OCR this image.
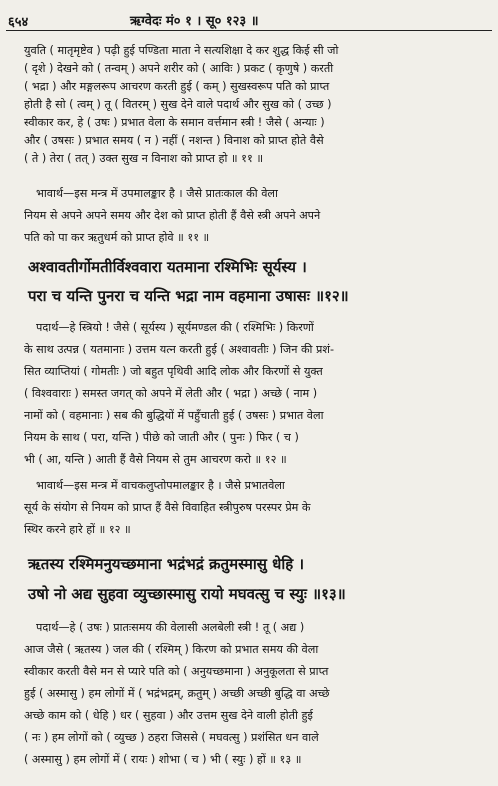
६५४	ऋग्वेदः मं० १ । सू० १२३ ॥
युवति ( मातृमृष्टेव ) पढ़ी हुई पण्डिता माता ने सत्यशिक्षा दे कर शुद्ध किई सी जो
( दृशे ) देखने को ( तन्वम् ) अपने शरीर को ( आविः ) प्रकट ( कृणुषे ) करती
( भद्रा ) और मङ्गलरूप आचरण करती हुई ( कम् ) सुखस्वरूप पति को प्राप्त
होती है सो ( त्वम् ) तू ( वितरम् ) सुख देने वाले पदार्थ और सुख को ( उच्छ )
स्वीकार कर, हे ( उषः ) प्रभात वेला के समान वर्त्तमान स्त्री ! जैसे ( अन्याः )
और ( उषसः ) प्रभात समय ( न ) नहीं ( नशन्त ) विनाश को प्राप्त होते वैसे
( ते ) तेरा ( तत् ) उक्त सुख न विनाश को प्राप्त हो ॥ ११ ॥
भावार्थ—इस मन्त्र में उपमालङ्कार है । जैसे प्रातःकाल की वेला
नियम से अपने अपने समय और देश को प्राप्त होती हैं वैसे स्त्री अपने अपने
पति को पा कर ऋतुधर्म को प्राप्त होवे ॥ ११ ॥
अश्वावतीर्गोमतीर्विश्ववारा यतमाना रश्मिभिः सूर्यस्य ।
परा च यन्ति पुनरा च यन्ति भद्रा नाम वहमाना उषासः ॥१२॥
पदार्थ—हे स्त्रियो ! जैसे ( सूर्यस्य ) सूर्यमण्डल की ( रश्मिभिः ) किरणों
के साथ उत्पन्न ( यतमानाः ) उत्तम यत्न करती हुई ( अश्वावतीः ) जिन की प्रशं-
सित व्याप्तियां ( गोमतीः ) जो बहुत पृथिवी आदि लोक और किरणों से युक्त
( विश्ववाराः ) समस्त जगत् को अपने में लेती और ( भद्रा ) अच्छे ( नाम )
नामों को ( वहमानाः ) सब की बुद्धियों में पहुँचाती हुई ( उषसः ) प्रभात वेला
नियम के साथ ( परा, यन्ति ) पीछे को जाती और ( पुनः ) फिर ( च )
भी ( आ, यन्ति ) आती हैं वैसे नियम से तुम आचरण करो ॥ १२ ॥
भावार्थ—इस मन्त्र में वाचकलुप्तोपमालङ्कार है । जैसे प्रभातवेला
सूर्य के संयोग से नियम को प्राप्त हैं वैसे विवाहित स्त्रीपुरुष परस्पर प्रेम के
स्थिर करने हारे हों ॥ १२ ॥
ऋतस्य रश्मिमनुयच्छमाना भद्रंभद्रं क्रतुमस्मासु धेहि ।
उषो नो अद्य सुहवा व्युच्छास्मासु रायो मघवत्सु च स्युः ॥१३॥
पदार्थ—हे ( उषः ) प्रातःसमय की वेलासी अलबेली स्त्री ! तू ( अद्य )
आज जैसे ( ऋतस्य ) जल की ( रश्मिम् ) किरण को प्रभात समय की वेला
स्वीकार करती वैसे मन से प्यारे पति को ( अनुयच्छमाना ) अनुकूलता से प्राप्त
हुई ( अस्मासु ) हम लोगों में ( भद्रंभद्रम्, क्रतुम् ) अच्छी अच्छी बुद्धि वा अच्छे
अच्छे काम को ( धेहि ) धर ( सुहवा ) और उत्तम सुख देने वाली होती हुई
( नः ) हम लोगों को ( व्युच्छ ) ठहरा जिससे ( मघवत्सु ) प्रशंसित धन वाले
( अस्मासु ) हम लोगों में ( रायः ) शोभा ( च ) भी ( स्युः ) हों ॥ १३ ॥
